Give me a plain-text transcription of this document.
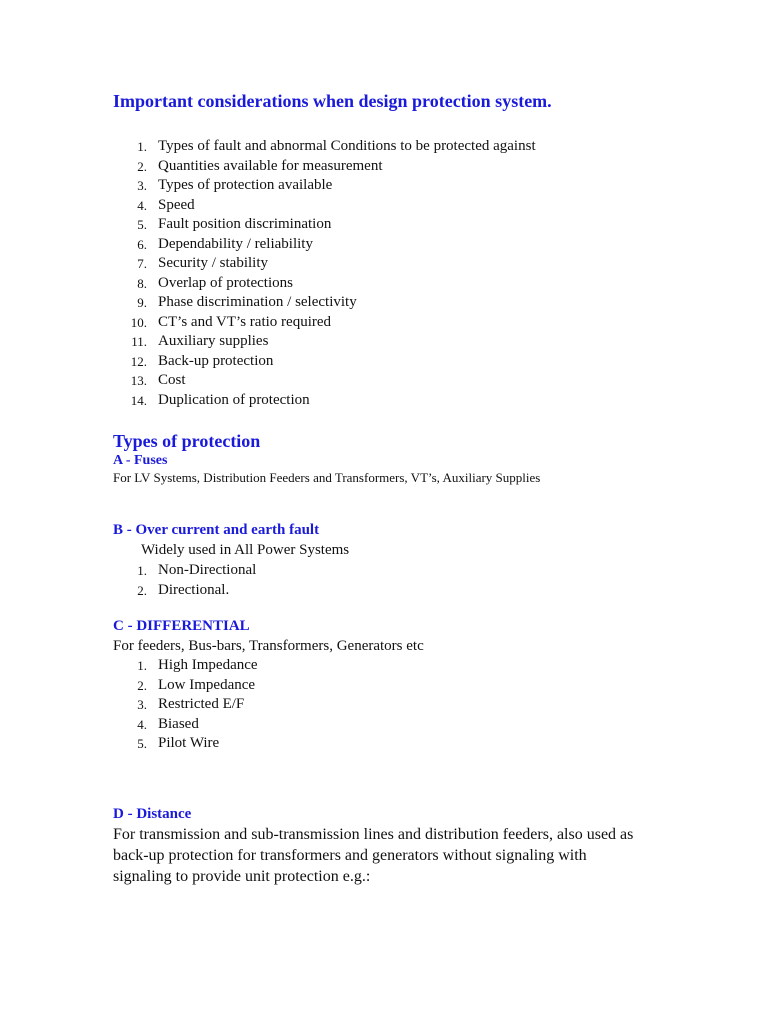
Important considerations when design protection system.
1. Types of fault and abnormal Conditions to be protected against
2. Quantities available for measurement
3. Types of protection available
4. Speed
5. Fault position discrimination
6. Dependability / reliability
7. Security / stability
8. Overlap of protections
9. Phase discrimination / selectivity
10. CT’s and VT’s ratio required
11. Auxiliary supplies
12. Back-up protection
13. Cost
14. Duplication of protection
Types of protection
A - Fuses

For LV Systems, Distribution Feeders and Transformers, VT’s, Auxiliary Supplies

B - Over current and earth fault

Widely used in All Power Systems

1. Non-Directional
2. Directional.
C - DIFFERENTIAL

For feeders, Bus-bars, Transformers, Generators etc

1. High Impedance
2. Low Impedance
3. Restricted E/F
4. Biased
5. Pilot Wire
D - Distance

For transmission and sub-transmission lines and distribution feeders, also used as back-up protection for transformers and generators without signaling with signaling to provide unit protection e.g.:
